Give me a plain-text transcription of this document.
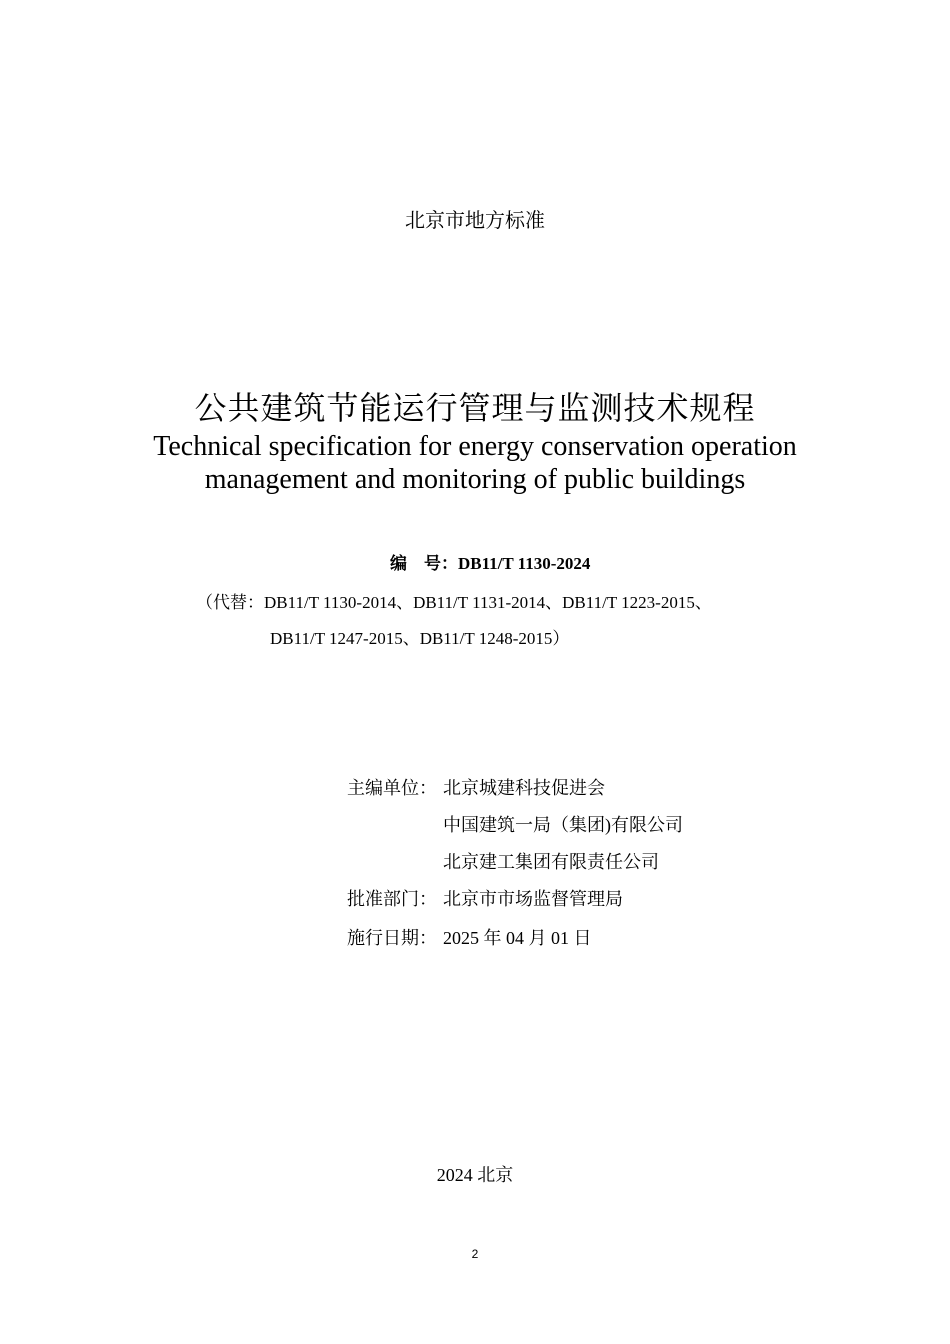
北京市地方标准
公共建筑节能运行管理与监测技术规程
Technical specification for energy conservation operation
management and monitoring of public buildings
编　号：DB11/T 1130-2024
（代替：DB11/T 1130-2014、DB11/T 1131-2014、DB11/T 1223-2015、
DB11/T 1247-2015、DB11/T 1248-2015）
主编单位： 北京城建科技促进会
中国建筑一局（集团)有限公司
北京建工集团有限责任公司
批准部门： 北京市市场监督管理局
施行日期： 2025 年 04 月 01 日
2024 北京
2
